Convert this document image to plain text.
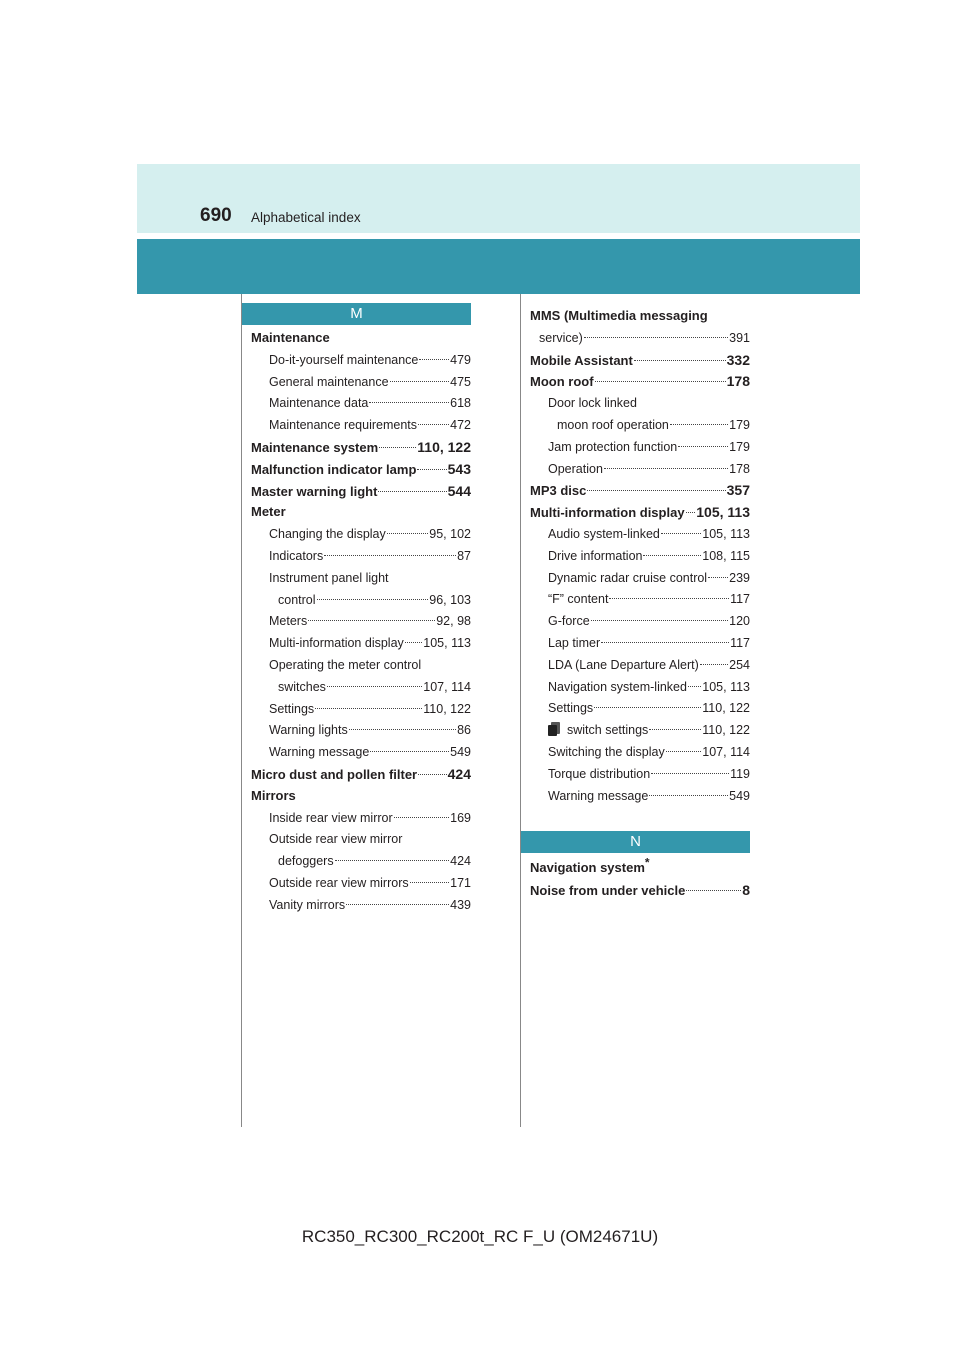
690 Alphabetical index
M
N
Maintenance
Do-it-yourself maintenance	479
General maintenance	475
Maintenance data	618
Maintenance requirements	472
Maintenance system	110, 122
Malfunction indicator lamp 543
Master warning light	544
Meter
Changing the display	95, 102
Indicators	87
Instrument panel light
control	96, 103
Meters	92, 98
Multi-information display 105, 113
Operating the meter control
switches	107, 114
Settings	110, 122
Warning lights	86
Warning message	549
Micro dust and pollen filter 424
Mirrors
Inside rear view mirror	169
Outside rear view mirror
defoggers	424
Outside rear view mirrors	171
Vanity mirrors	439
MMS (Multimedia messaging
service)	391
Mobile Assistant	332
Moon roof	178
Door lock linked
moon roof operation	179
Jam protection function	179
Operation	178
MP3 disc	357
Multi-information display 105, 113
Audio system-linked	105, 113
Drive information	108, 115
Dynamic radar cruise control 239
“F” content	117
G-force	120
Lap timer	117
LDA (Lane Departure Alert) 254
Navigation system-linked 105, 113
Settings	110, 122
switch settings	110, 122
Switching the display	107, 114
Torque distribution	119
Warning message	549
Navigation system*
Noise from under vehicle	8
RC350_RC300_RC200t_RC F_U (OM24671U)
